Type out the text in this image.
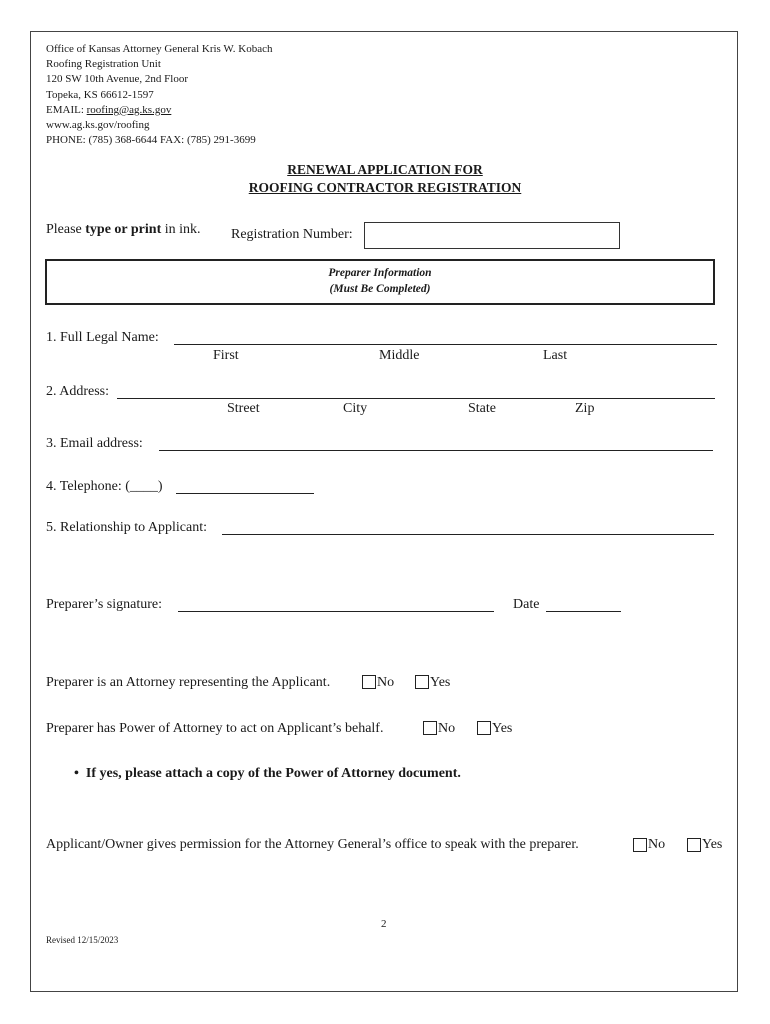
Office of Kansas Attorney General Kris W. Kobach
Roofing Registration Unit
120 SW 10th Avenue, 2nd Floor
Topeka, KS 66612-1597
EMAIL: roofing@ag.ks.gov
www.ag.ks.gov/roofing
PHONE: (785) 368-6644 FAX: (785) 291-3699
RENEWAL APPLICATION FOR
ROOFING CONTRACTOR REGISTRATION
Please type or print in ink. Registration Number:
Preparer Information
(Must Be Completed)
1. Full Legal Name:
First	Middle	Last
2. Address:
Street	City	State	Zip
3. Email address:
4. Telephone: (____)
5. Relationship to Applicant:
Preparer’s signature:	Date
Preparer is an Attorney representing the Applicant.	No	Yes
Preparer has Power of Attorney to act on Applicant’s behalf.	No	Yes
•  If yes, please attach a copy of the Power of Attorney document.
Applicant/Owner gives permission for the Attorney General’s office to speak with the preparer.	No	Yes
2
Revised 12/15/2023
